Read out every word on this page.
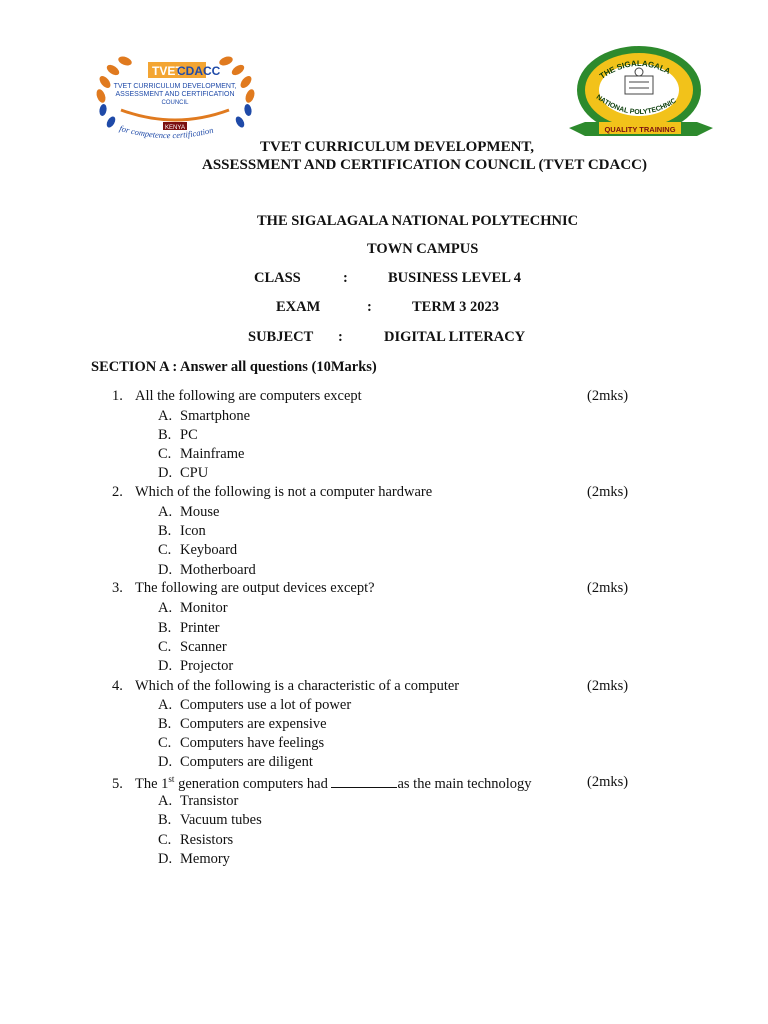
TVET
CDACC
TVET CURRICULUM DEVELOPMENT,
ASSESSMENT AND CERTIFICATION
COUNCIL
KENYA
for competence certification
THE SIGALAGALA
NATIONAL POLYTECHNIC
QUALITY TRAINING
TVET CURRICULUM DEVELOPMENT,
ASSESSMENT AND CERTIFICATION COUNCIL (TVET CDACC)
THE SIGALAGALA NATIONAL POLYTECHNIC
TOWN CAMPUS
CLASS	:	BUSINESS LEVEL 4
EXAM	:	TERM 3 2023
SUBJECT :	DIGITAL LITERACY
SECTION A : Answer all questions (10Marks)
1. All the following are computers except	(2mks)
A. Smartphone
B. PC
C. Mainframe
D. CPU
2. Which of the following is not a computer hardware	(2mks)
A. Mouse
B. Icon
C. Keyboard
D. Motherboard
3. The following are output devices except?	(2mks)
A. Monitor
B. Printer
C. Scanner
D. Projector
4. Which of the following is a characteristic of a computer	(2mks)
A. Computers use a lot of power
B. Computers are expensive
C. Computers have feelings
D. Computers are diligent
5. The 1st generation computers had	as the main technology	(2mks)
A. Transistor
B. Vacuum tubes
C. Resistors
D. Memory
